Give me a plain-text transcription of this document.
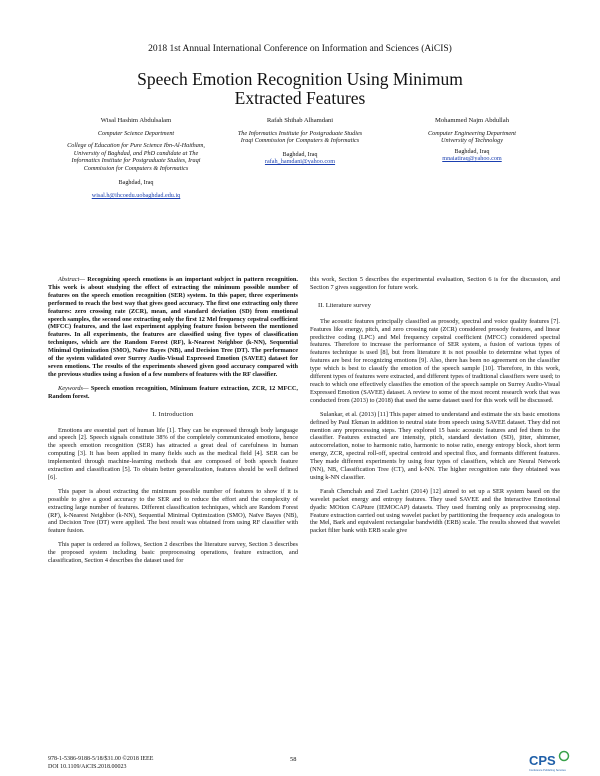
2018 1st Annual International Conference on Information and Sciences (AiCIS)
Speech Emotion Recognition Using Minimum
Extracted Features
Wisal Hashim Abdulsalam
Computer Science Department
College of Education for Pure Science Ibn-Al-Haitham, University of Baghdad, and PhD candidate at The Informatics Institute for Postgraduate Studies, Iraqi Commission for Computers & Informatics
Baghdad, Iraq
wisal.h@ihcoedu.uobaghdad.edu.iq
Rafah Shihab Alhamdani
The Informatics Institute for Postgraduate Studies
Iraqi Commission for Computers & Informatics
Baghdad, Iraq
rafah_hamdani@yahoo.com
Mohammed Najm Abdullah
Computer Engineering Department
University of Technology
Baghdad, Iraq
mnaiatiraq@yahoo.com

Abstract— Recognizing speech emotions is an important subject in pattern recognition. This work is about studying the effect of extracting the minimum possible number of features on the speech emotion recognition (SER) system. In this paper, three experiments performed to reach the best way that gives good accuracy. The first one extracting only three features: zero crossing rate (ZCR), mean, and standard deviation (SD) from emotional speech samples, the second one extracting only the first 12 Mel frequency cepstral coefficient (MFCC) features, and the last experiment applying feature fusion between the mentioned features. In all experiments, the features are classified using five types of classification techniques, which are the Random Forest (RF), k-Nearest Neighbor (k-NN), Sequential Minimal Optimization (SMO), Naïve Bayes (NB), and Decision Tree (DT). The performance of the system validated over Surrey Audio-Visual Expressed Emotion (SAVEE) dataset for seven emotions. The results of the experiments showed given good accuracy compared with the previous studies using a fusion of a few numbers of features with the RF classifier.

Keywords— Speech emotion recognition, Minimum feature extraction, ZCR, 12 MFCC, Random forest.

I. Introduction

Emotions are essential part of human life [1]. They can be expressed through body language and speech [2]. Speech signals constitute 38% of the completely communicated emotions, hence the speech emotion recognition (SER) has attracted a great deal of carefulness in human computing [3]. It has been applied in many fields such as the medical field [4]. SER can be implemented through machine-learning methods that are composed of both speech feature extraction and classification [5]. To obtain better generalization, features should be well defined [6].

This paper is about extracting the minimum possible number of features to show if it is possible to give a good accuracy to the SER and to reduce the effort and the complexity of extracting large number of features. Different classification techniques, which are Random Forest (RF), k-Nearest Neighbor (k-NN), Sequential Minimal Optimization (SMO), Naïve Bayes (NB), and Decision Tree (DT) were applied. The best result was obtained from using RF classifier with feature fusion.

This paper is ordered as follows, Section 2 describes the literature survey, Section 3 describes the proposed system including basic preprocessing operations, feature extraction, and classification, Section 4 describes the dataset used for

this work, Section 5 describes the experimental evaluation, Section 6 is for the discussion, and Section 7 gives suggestion for future work.

II. Literature survey

The acoustic features principally classified as prosody, spectral and voice quality features [7]. Features like energy, pitch, and zero crossing rate (ZCR) considered prosody features, and linear predictive coding (LPC) and Mel frequency cepstral coefficient (MFCC) considered spectral features. Therefore to increase the performance of SER system, a fusion of various types of features technique is used [8], but from literature it is not possible to determine what types of features are best for recognizing emotions [9]. Also, there has been no agreement on the classifier type which is best to classify the emotion of the speech sample [10]. Therefore, in this work, different types of features were extracted, and different types of traditional classifiers were used; to reach to which one effectively classifies the emotion of the speech sample on Surrey Audio-Visual Expressed Emotion (SAVEE) dataset. A review to some of the most recent research work that was conducted from (2013) to (2018) that used the same dataset used for this work will be discussed.

Sulankar, et al. (2013) [11] This paper aimed to understand and estimate the six basic emotions defined by Paul Ekman in addition to neutral state from speech using SAVEE dataset. They did not mention any preprocessing steps. They explored 15 basic acoustic features and fed them to the classifier. Features extracted are intensity, pitch, standard deviation (SD), jitter, shimmer, autocorrelation, noise to harmonic ratio, harmonic to noise ratio, energy entropy block, short term energy, ZCR, spectral roll-off, spectral centroid and spectral flux, and formants different features. They made different experiments by using four types of classifiers, which are Neural Network (NN), NB, Classification Tree (CT), and k-NN. The higher recognition rate they obtained was using k-NN classifier.

Farah Chenchah and Zied Lachiri (2014) [12] aimed to set up a SER system based on the wavelet packet energy and entropy features. They used SAVEE and the Interactive Emotional dyadic MOtion CAPture (IEMOCAP) datasets. They used framing only as preprocessing step. Feature extraction carried out using wavelet packet by partitioning the frequency axis analogous to the Mel, Bark and equivalent rectangular bandwidth (ERB) scale. The results showed that wavelet packet filter bank with ERB scale give

978-1-5386-9188-5/18/$31.00 ©2018 IEEE
DOI 10.1109/AiCIS.2018.00023
58	CPS
Conference Publishing Services
